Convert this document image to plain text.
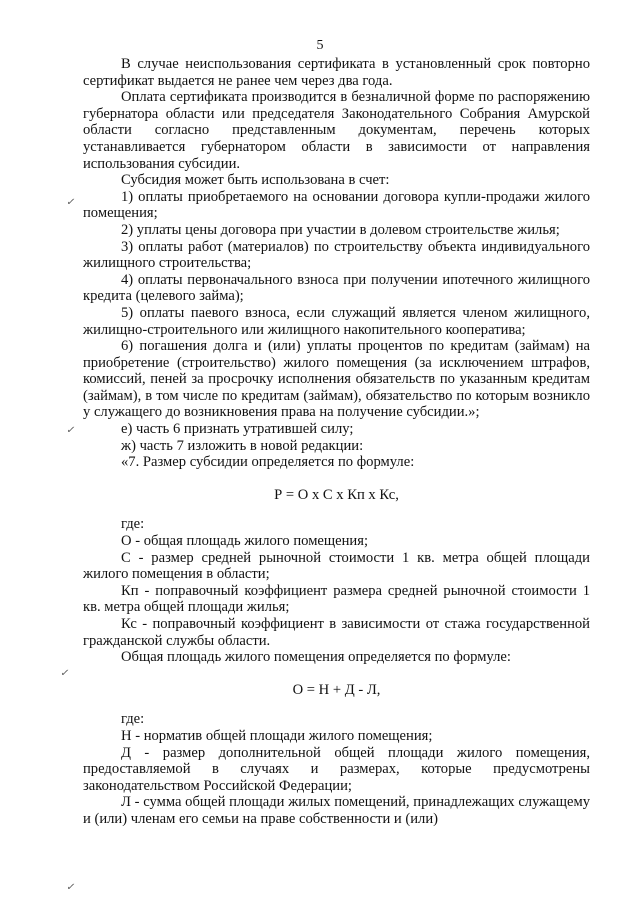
5
✓
✓
✓
✓

В случае неиспользования сертификата в установленный срок повторно сертификат выдается не ранее чем через два года.

Оплата сертификата производится в безналичной форме по распоряжению губернатора области или председателя Законодательного Собрания Амурской области согласно представленным документам, перечень которых устанавливается губернатором области в зависимости от направления использования субсидии.

Субсидия может быть использована в счет:

1) оплаты приобретаемого на основании договора купли-продажи жилого помещения;

2) уплаты цены договора при участии в долевом строительстве жилья;

3) оплаты работ (материалов) по строительству объекта индивидуального жилищного строительства;

4) оплаты первоначального взноса при получении ипотечного жилищного кредита (целевого займа);

5) оплаты паевого взноса, если служащий является членом жилищного, жилищно-строительного или жилищного накопительного кооператива;

6) погашения долга и (или) уплаты процентов по кредитам (займам) на приобретение (строительство) жилого помещения (за исключением штрафов, комиссий, пеней за просрочку исполнения обязательств по указанным кредитам (займам), в том числе по кредитам (займам), обязательство по которым возникло у служащего до возникновения права на получение субсидии.»;

е) часть 6 признать утратившей силу;

ж) часть 7 изложить в новой редакции:

«7. Размер субсидии определяется по формуле:

Р = О х С х Кп х Кс,

где:

О - общая площадь жилого помещения;

С - размер средней рыночной стоимости 1 кв. метра общей площади жилого помещения в области;

Кп - поправочный коэффициент размера средней рыночной стоимости 1 кв. метра общей площади жилья;

Кс - поправочный коэффициент в зависимости от стажа государственной гражданской службы области.

Общая площадь жилого помещения определяется по формуле:

О = Н + Д - Л,

где:

Н - норматив общей площади жилого помещения;

Д - размер дополнительной общей площади жилого помещения, предоставляемой в случаях и размерах, которые предусмотрены законодательством Российской Федерации;

Л - сумма общей площади жилых помещений, принадлежащих служащему и (или) членам его семьи на праве собственности и (или)
